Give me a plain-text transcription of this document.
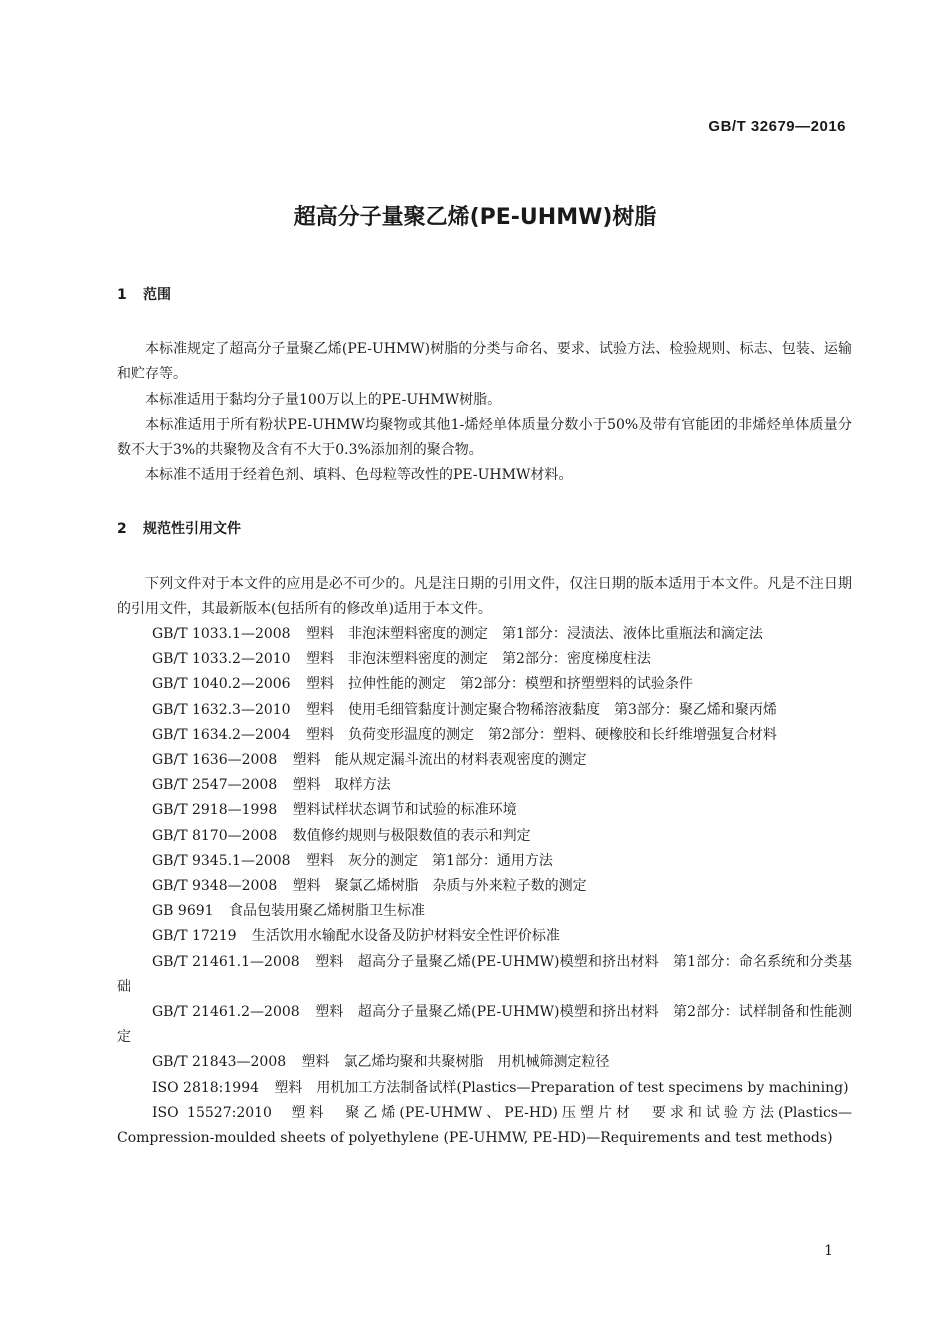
GB/T 32679—2016
超高分子量聚乙烯(PE-UHMW)树脂
1 范围

本标准规定了超高分子量聚乙烯(PE-UHMW)树脂的分类与命名、要求、试验方法、检验规则、标志、包装、运输和贮存等。

本标准适用于黏均分子量100万以上的PE-UHMW树脂。

本标准适用于所有粉状PE-UHMW均聚物或其他1-烯烃单体质量分数小于50%及带有官能团的非烯烃单体质量分数不大于3%的共聚物及含有不大于0.3%添加剂的聚合物。

本标准不适用于经着色剂、填料、色母粒等改性的PE-UHMW材料。

2 规范性引用文件

下列文件对于本文件的应用是必不可少的。凡是注日期的引用文件，仅注日期的版本适用于本文件。凡是不注日期的引用文件，其最新版本(包括所有的修改单)适用于本文件。

GB/T 1033.1—2008 塑料　非泡沫塑料密度的测定　第1部分：浸渍法、液体比重瓶法和滴定法
GB/T 1033.2—2010 塑料　非泡沫塑料密度的测定　第2部分：密度梯度柱法
GB/T 1040.2—2006 塑料　拉伸性能的测定　第2部分：模塑和挤塑塑料的试验条件
GB/T 1632.3—2010 塑料　使用毛细管黏度计测定聚合物稀溶液黏度　第3部分：聚乙烯和聚丙烯
GB/T 1634.2—2004 塑料　负荷变形温度的测定　第2部分：塑料、硬橡胶和长纤维增强复合材料
GB/T 1636—2008 塑料　能从规定漏斗流出的材料表观密度的测定
GB/T 2547—2008 塑料　取样方法
GB/T 2918—1998 塑料试样状态调节和试验的标准环境
GB/T 8170—2008 数值修约规则与极限数值的表示和判定
GB/T 9345.1—2008 塑料　灰分的测定　第1部分：通用方法
GB/T 9348—2008 塑料　聚氯乙烯树脂　杂质与外来粒子数的测定
GB 9691 食品包装用聚乙烯树脂卫生标准
GB/T 17219 生活饮用水输配水设备及防护材料安全性评价标准
GB/T 21461.1—2008 塑料　超高分子量聚乙烯(PE-UHMW)模塑和挤出材料　第1部分：命名系统和分类基础
GB/T 21461.2—2008 塑料　超高分子量聚乙烯(PE-UHMW)模塑和挤出材料　第2部分：试样制备和性能测定
GB/T 21843—2008 塑料　氯乙烯均聚和共聚树脂　用机械筛测定粒径
ISO 2818:1994 塑料　用机加工方法制备试样(Plastics—Preparation of test specimens by machining)
ISO 15527:2010 塑料　聚乙烯(PE-UHMW、PE-HD)压塑片材　要求和试验方法(Plastics—Compression-moulded sheets of polyethylene (PE-UHMW, PE-HD)—Requirements and test methods)
1
